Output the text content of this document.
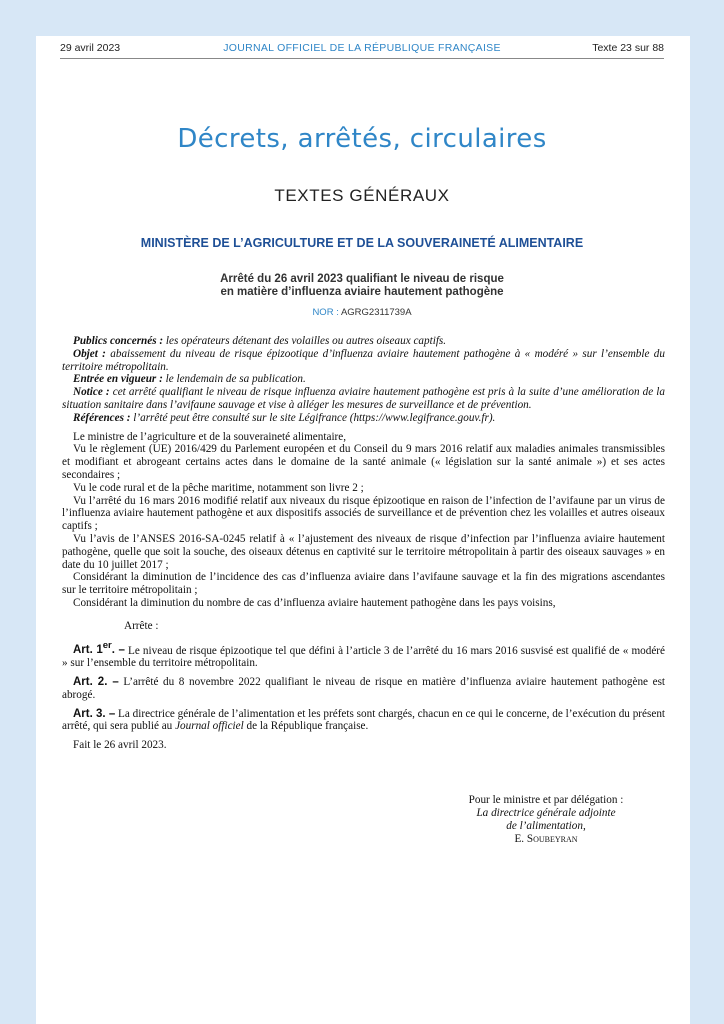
29 avril 2023	JOURNAL OFFICIEL DE LA RÉPUBLIQUE FRANÇAISE	Texte 23 sur 88
Décrets, arrêtés, circulaires
TEXTES GÉNÉRAUX
MINISTÈRE DE L’AGRICULTURE ET DE LA SOUVERAINETÉ ALIMENTAIRE
Arrêté du 26 avril 2023 qualifiant le niveau de risque
en matière d’influenza aviaire hautement pathogène
NOR : AGRG2311739A

Publics concernés : les opérateurs détenant des volailles ou autres oiseaux captifs.

Objet : abaissement du niveau de risque épizootique d’influenza aviaire hautement pathogène à « modéré » sur l’ensemble du territoire métropolitain.

Entrée en vigueur : le lendemain de sa publication.

Notice : cet arrêté qualifiant le niveau de risque influenza aviaire hautement pathogène est pris à la suite d’une amélioration de la situation sanitaire dans l’avifaune sauvage et vise à alléger les mesures de surveillance et de prévention.

Références : l’arrêté peut être consulté sur le site Légifrance (https://www.legifrance.gouv.fr).

Le ministre de l’agriculture et de la souveraineté alimentaire,

Vu le règlement (UE) 2016/429 du Parlement européen et du Conseil du 9 mars 2016 relatif aux maladies animales transmissibles et modifiant et abrogeant certains actes dans le domaine de la santé animale (« législation sur la santé animale ») et ses actes secondaires ;

Vu le code rural et de la pêche maritime, notamment son livre 2 ;

Vu l’arrêté du 16 mars 2016 modifié relatif aux niveaux du risque épizootique en raison de l’infection de l’avifaune par un virus de l’influenza aviaire hautement pathogène et aux dispositifs associés de surveillance et de prévention chez les volailles et autres oiseaux captifs ;

Vu l’avis de l’ANSES 2016-SA-0245 relatif à « l’ajustement des niveaux de risque d’infection par l’influenza aviaire hautement pathogène, quelle que soit la souche, des oiseaux détenus en captivité sur le territoire métropolitain à partir des oiseaux sauvages » en date du 10 juillet 2017 ;

Considérant la diminution de l’incidence des cas d’influenza aviaire dans l’avifaune sauvage et la fin des migrations ascendantes sur le territoire métropolitain ;

Considérant la diminution du nombre de cas d’influenza aviaire hautement pathogène dans les pays voisins,

Arrête :

Art. 1er. – Le niveau de risque épizootique tel que défini à l’article 3 de l’arrêté du 16 mars 2016 susvisé est qualifié de « modéré » sur l’ensemble du territoire métropolitain.

Art. 2. – L’arrêté du 8 novembre 2022 qualifiant le niveau de risque en matière d’influenza aviaire hautement pathogène est abrogé.

Art. 3. – La directrice générale de l’alimentation et les préfets sont chargés, chacun en ce qui le concerne, de l’exécution du présent arrêté, qui sera publié au Journal officiel de la République française.

Fait le 26 avril 2023.

Pour le ministre et par délégation :
La directrice générale adjointe
de l’alimentation,
E. Soubeyran
